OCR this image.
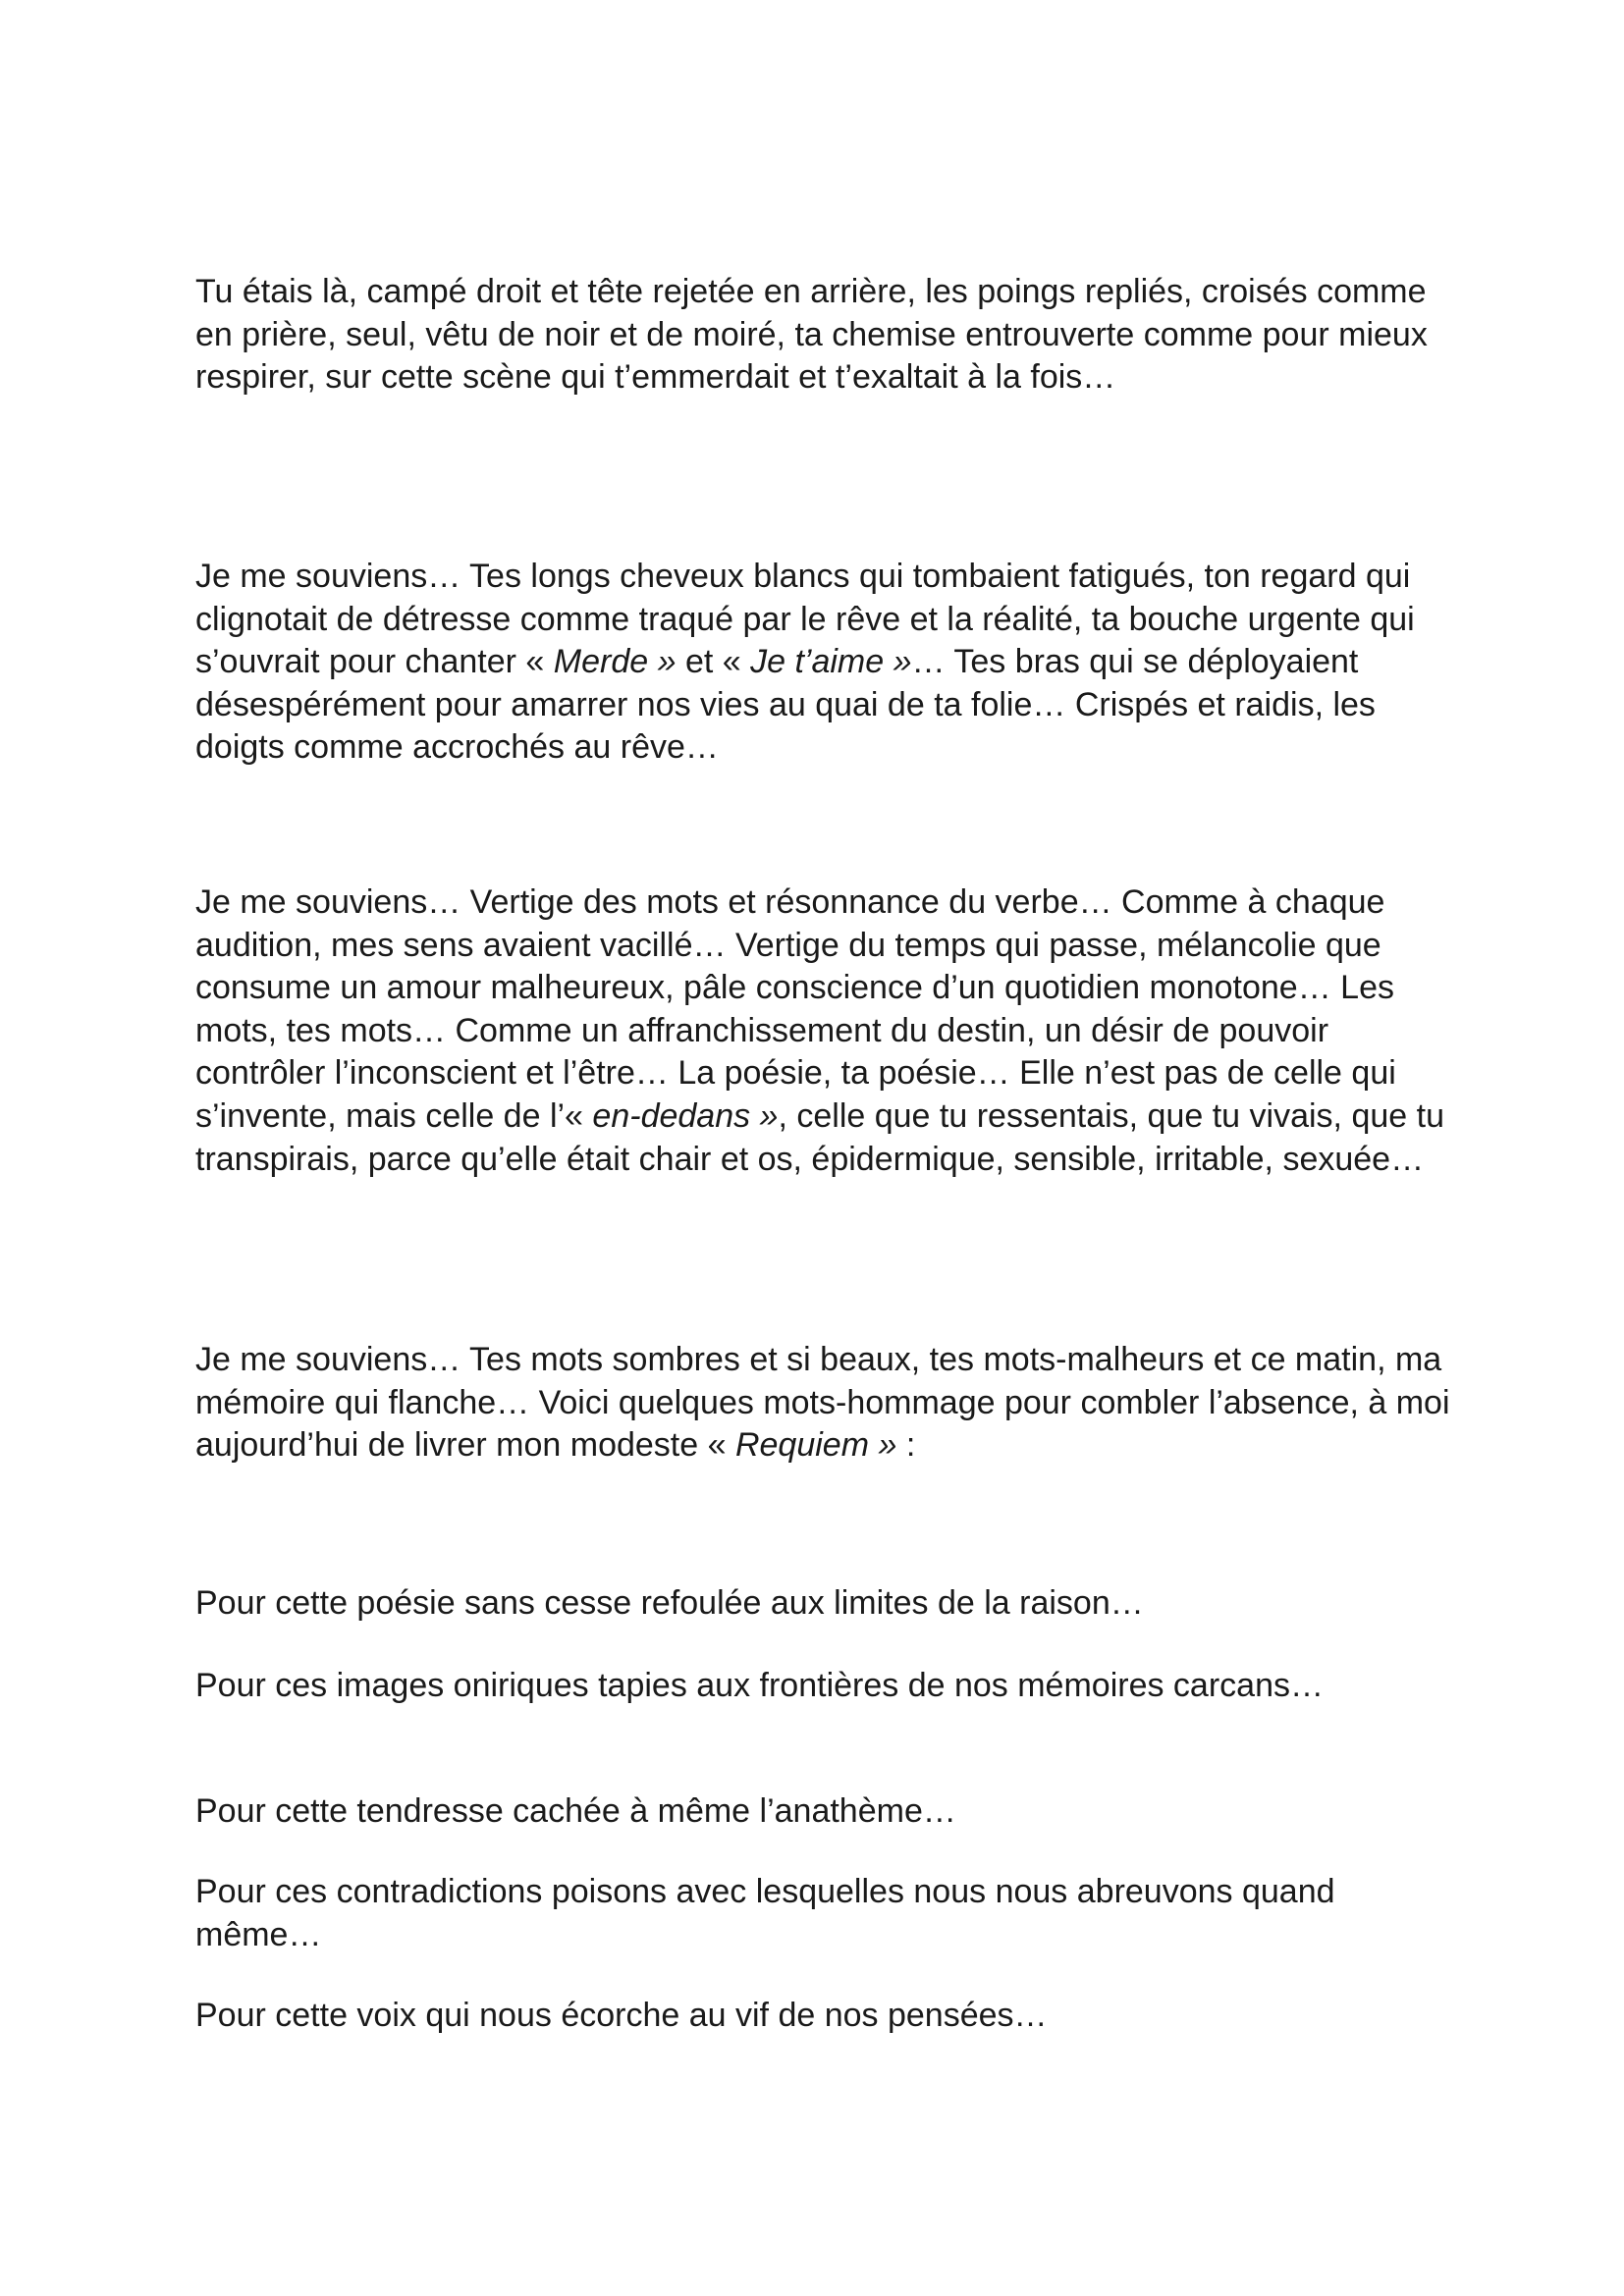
Tu étais là, campé droit et tête rejetée en arrière, les poings repliés, croisés comme en prière, seul, vêtu de noir et de moiré, ta chemise entrouverte comme pour mieux respirer, sur cette scène qui t’emmerdait et t’exaltait à la fois…

Je me souviens… Tes longs cheveux blancs qui tombaient fatigués, ton regard qui clignotait de détresse comme traqué par le rêve et la réalité, ta bouche urgente qui s’ouvrait pour chanter « Merde » et « Je t’aime »… Tes bras qui se déployaient désespérément pour amarrer nos vies au quai de ta folie… Crispés et raidis, les doigts comme accrochés au rêve…

Je me souviens… Vertige des mots et résonnance du verbe… Comme à chaque audition, mes sens avaient vacillé… Vertige du temps qui passe, mélancolie que consume un amour malheureux, pâle conscience d’un quotidien monotone… Les mots, tes mots… Comme un affranchissement du destin, un désir de pouvoir contrôler l’inconscient et l’être… La poésie, ta poésie… Elle n’est pas de celle qui s’invente, mais celle de l’« en-dedans », celle que tu ressentais, que tu vivais, que tu transpirais, parce qu’elle était chair et os, épidermique, sensible, irritable, sexuée…

Je me souviens… Tes mots sombres et si beaux, tes mots-malheurs et ce matin, ma mémoire qui flanche… Voici quelques mots-hommage pour combler l’absence, à moi aujourd’hui de livrer mon modeste « Requiem » :

Pour cette poésie sans cesse refoulée aux limites de la raison…

Pour ces images oniriques tapies aux frontières de nos mémoires carcans…

Pour cette tendresse cachée à même l’anathème…

Pour ces contradictions poisons avec lesquelles nous nous abreuvons quand même…

Pour cette voix qui nous écorche au vif de nos pensées…
